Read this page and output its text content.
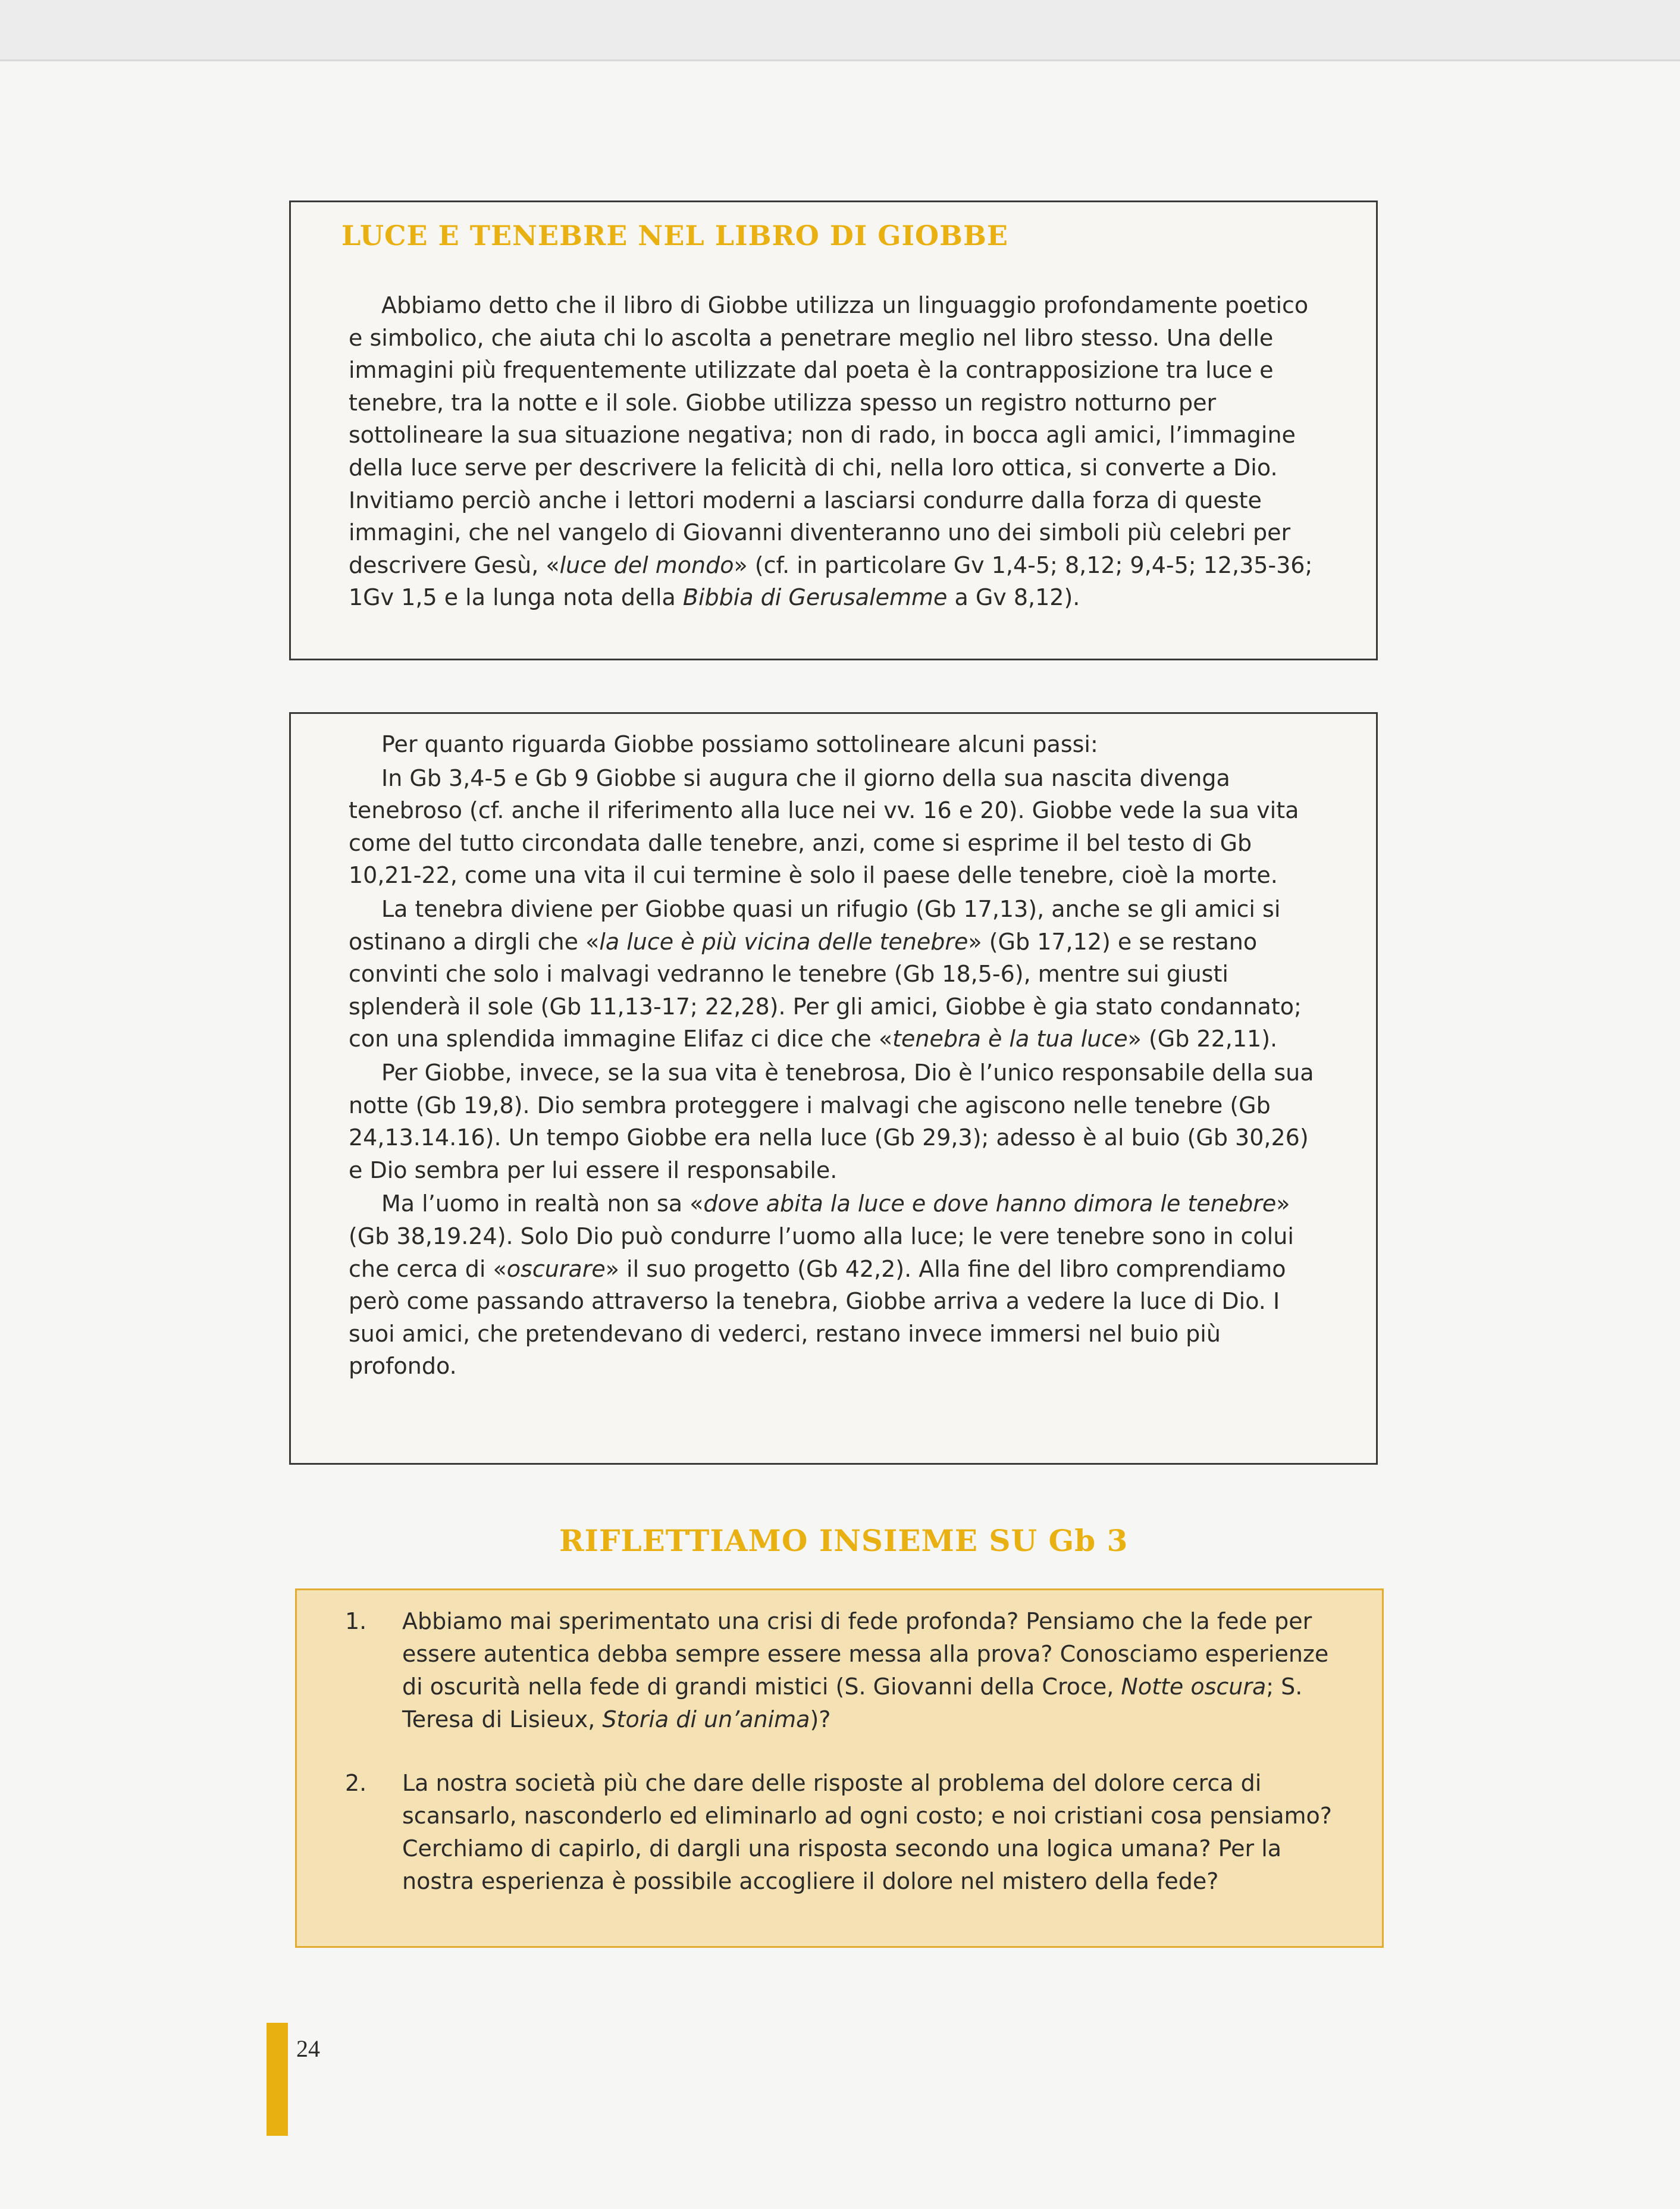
LUCE E TENEBRE NEL LIBRO DI GIOBBE
Abbiamo detto che il libro di Giobbe utilizza un linguaggio profondamente poetico e simbolico, che aiuta chi lo ascolta a penetrare meglio nel libro stesso. Una delle immagini più frequentemente utilizzate dal poeta è la contrapposizione tra luce e tenebre, tra la notte e il sole. Giobbe utilizza spesso un registro notturno per sottolineare la sua situazione negativa; non di rado, in bocca agli amici, l’immagine della luce serve per descrivere la felicità di chi, nella loro ottica, si converte a Dio. Invitiamo perciò anche i lettori moderni a lasciarsi condurre dalla forza di queste immagini, che nel vangelo di Giovanni diventeranno uno dei simboli più celebri per descrivere Gesù, «luce del mondo» (cf. in particolare Gv 1,4-5; 8,12; 9,4-5; 12,35-36; 1Gv 1,5 e la lunga nota della Bibbia di Gerusalemme a Gv 8,12).

Per quanto riguarda Giobbe possiamo sottolineare alcuni passi:

In Gb 3,4-5 e Gb 9 Giobbe si augura che il giorno della sua nascita divenga tenebroso (cf. anche il riferimento alla luce nei vv. 16 e 20). Giobbe vede la sua vita come del tutto circondata dalle tenebre, anzi, come si esprime il bel testo di Gb 10,21-22, come una vita il cui termine è solo il paese delle tenebre, cioè la morte.

La tenebra diviene per Giobbe quasi un rifugio (Gb 17,13), anche se gli amici si ostinano a dirgli che «la luce è più vicina delle tenebre» (Gb 17,12) e se restano convinti che solo i malvagi vedranno le tenebre (Gb 18,5-6), mentre sui giusti splenderà il sole (Gb 11,13-17; 22,28). Per gli amici, Giobbe è gia stato condannato; con una splendida immagine Elifaz ci dice che «tenebra è la tua luce» (Gb 22,11).

Per Giobbe, invece, se la sua vita è tenebrosa, Dio è l’unico responsabile della sua notte (Gb 19,8). Dio sembra proteggere i malvagi che agiscono nelle tenebre (Gb 24,13.14.16). Un tempo Giobbe era nella luce (Gb 29,3); adesso è al buio (Gb 30,26) e Dio sembra per lui essere il responsabile.

Ma l’uomo in realtà non sa «dove abita la luce e dove hanno dimora le tenebre» (Gb 38,19.24). Solo Dio può condurre l’uomo alla luce; le vere tenebre sono in colui che cerca di «oscurare» il suo progetto (Gb 42,2). Alla fine del libro comprendiamo però come passando attraverso la tenebra, Giobbe arriva a vedere la luce di Dio. I suoi amici, che pretendevano di vederci, restano invece immersi nel buio più profondo.

RIFLETTIAMO INSIEME SU Gb 3
1. Abbiamo mai sperimentato una crisi di fede profonda? Pensiamo che la fede per essere autentica debba sempre essere messa alla prova? Conosciamo esperienze di oscurità nella fede di grandi mistici (S. Giovanni della Croce, Notte oscura; S. Teresa di Lisieux, Storia di un’anima)?
2. La nostra società più che dare delle risposte al problema del dolore cerca di scansarlo, nasconderlo ed eliminarlo ad ogni costo; e noi cristiani cosa pensiamo? Cerchiamo di capirlo, di dargli una risposta secondo una logica umana? Per la nostra esperienza è possibile accogliere il dolore nel mistero della fede?
24
